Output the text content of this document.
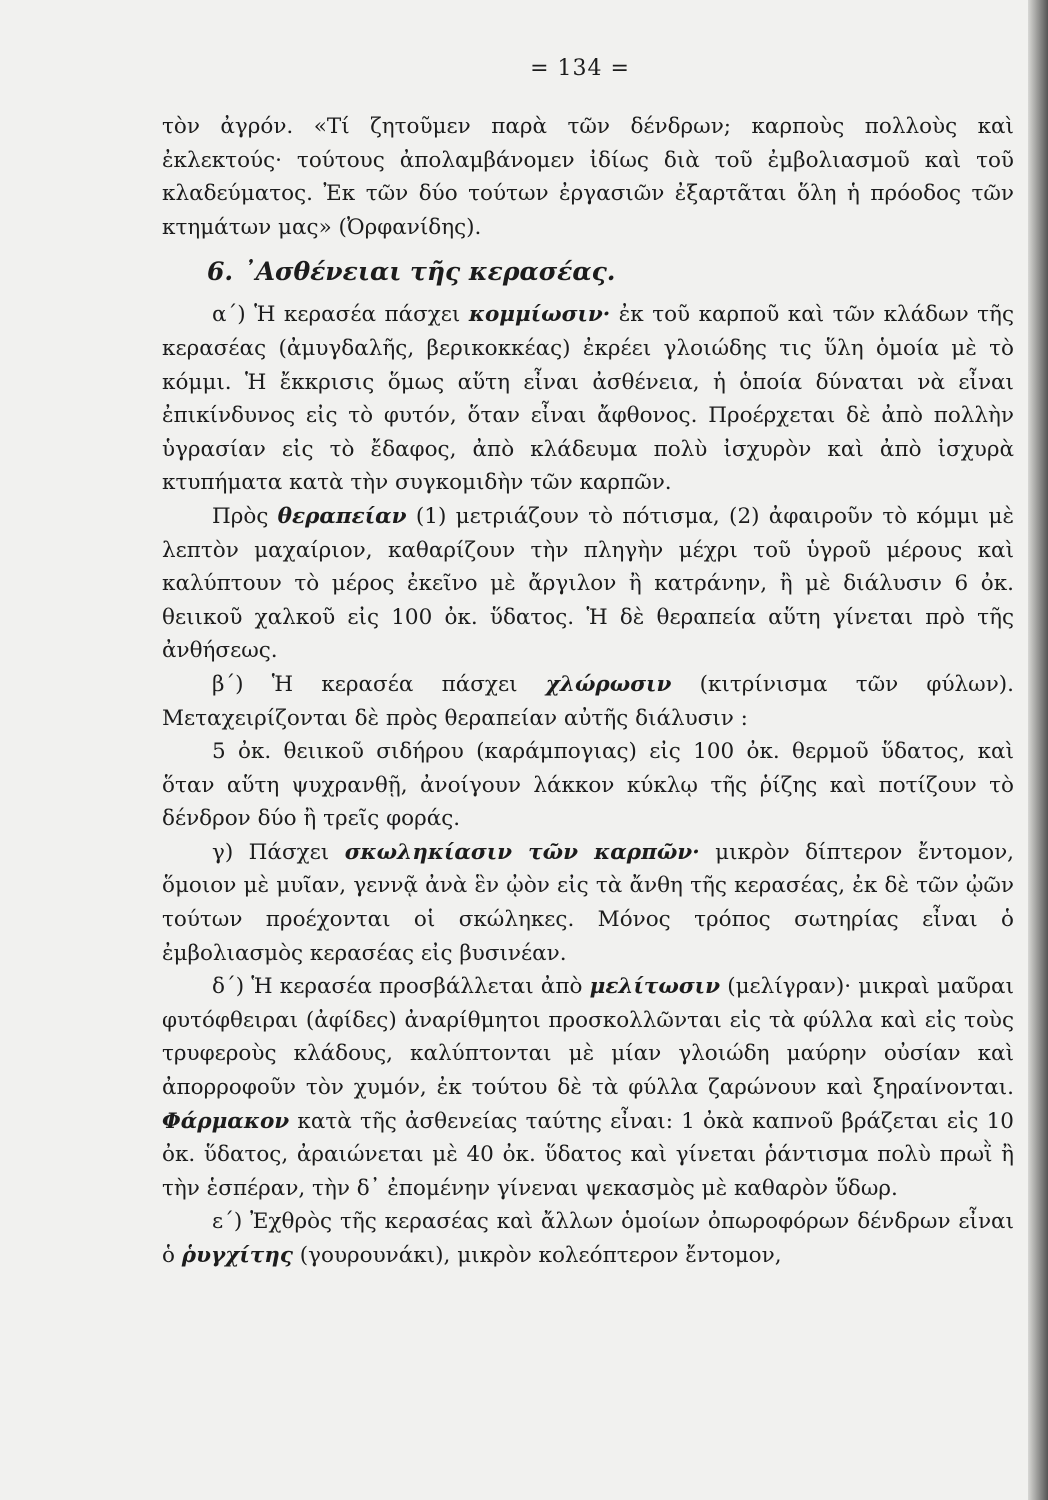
= 134 =

τὸν ἀγρόν. «Τί ζητοῦμεν παρὰ τῶν δένδρων; καρποὺς πολλοὺς καὶ ἐκλεκτούς· τούτους ἀπολαμβάνομεν ἰδίως διὰ τοῦ ἐμβολιασμοῦ καὶ τοῦ κλαδεύματος. Ἐκ τῶν δύο τούτων ἐργασιῶν ἐξαρτᾶται ὅλη ἡ πρόοδος τῶν κτημάτων μας» (Ὀρφανίδης).

6. ᾿Ασθένειαι τῆς κερασέας.

α΄) Ἡ κερασέα πάσχει κομμίωσιν· ἐκ τοῦ καρποῦ καὶ τῶν κλάδων τῆς κερασέας (ἀμυγδαλῆς, βερικοκκέας) ἐκρέει γλοιώδης τις ὕλη ὁμοία μὲ τὸ κόμμι. Ἡ ἔκκρισις ὅμως αὕτη εἶναι ἀσθένεια, ἡ ὁποία δύναται νὰ εἶναι ἐπικίνδυνος εἰς τὸ φυτόν, ὅταν εἶναι ἄφθονος. Προέρχεται δὲ ἀπὸ πολλὴν ὑγρασίαν εἰς τὸ ἔδαφος, ἀπὸ κλάδευμα πολὺ ἰσχυρὸν καὶ ἀπὸ ἰσχυρὰ κτυπήματα κατὰ τὴν συγκομιδὴν τῶν καρπῶν.

Πρὸς θεραπείαν (1) μετριάζουν τὸ πότισμα, (2) ἀφαιροῦν τὸ κόμμι μὲ λεπτὸν μαχαίριον, καθαρίζουν τὴν πληγὴν μέχρι τοῦ ὑγροῦ μέρους καὶ καλύπτουν τὸ μέρος ἐκεῖνο μὲ ἄργιλον ἢ κατράνην, ἢ μὲ διάλυσιν 6 ὀκ. θειικοῦ χαλκοῦ εἰς 100 ὀκ. ὕδατος. Ἡ δὲ θεραπεία αὕτη γίνεται πρὸ τῆς ἀνθήσεως.

β΄) Ἡ κερασέα πάσχει χλώρωσιν (κιτρίνισμα τῶν φύλων). Μεταχειρίζονται δὲ πρὸς θεραπείαν αὐτῆς διάλυσιν :

5 ὀκ. θειικοῦ σιδήρου (καράμπογιας) εἰς 100 ὀκ. θερμοῦ ὕδατος, καὶ ὅταν αὕτη ψυχρανθῇ, ἀνοίγουν λάκκον κύκλῳ τῆς ῥίζης καὶ ποτίζουν τὸ δένδρον δύο ἢ τρεῖς φοράς.

γ) Πάσχει σκωληκίασιν τῶν καρπῶν· μικρὸν δίπτερον ἔντομον, ὅμοιον μὲ μυῖαν, γεννᾷ ἀνὰ ἓν ᾠὸν εἰς τὰ ἄνθη τῆς κερασέας, ἐκ δὲ τῶν ᾠῶν τούτων προέχονται οἱ σκώληκες. Μόνος τρόπος σωτηρίας εἶναι ὁ ἐμβολιασμὸς κερασέας εἰς βυσινέαν.

δ΄) Ἡ κερασέα προσβάλλεται ἀπὸ μελίτωσιν (μελίγραν)· μικραὶ μαῦραι φυτόφθειραι (ἀφίδες) ἀναρίθμητοι προσκολλῶνται εἰς τὰ φύλλα καὶ εἰς τοὺς τρυφεροὺς κλάδους, καλύπτονται μὲ μίαν γλοιώδη μαύρην οὐσίαν καὶ ἀπορροφοῦν τὸν χυμόν, ἐκ τούτου δὲ τὰ φύλλα ζαρώνουν καὶ ξηραίνονται. Φάρμακον κατὰ τῆς ἀσθενείας ταύτης εἶναι: 1 ὀκὰ καπνοῦ βράζεται εἰς 10 ὀκ. ὕδατος, ἀραιώνεται μὲ 40 ὀκ. ὕδατος καὶ γίνεται ῥάντισμα πολὺ πρωῒ ἢ τὴν ἑσπέραν, τὴν δ᾿ ἐπομένην γίνεναι ψεκασμὸς μὲ καθαρὸν ὕδωρ.

ε΄) Ἐχθρὸς τῆς κερασέας καὶ ἄλλων ὁμοίων ὀπωροφόρων δένδρων εἶναι ὁ ῥυγχίτης (γουρουνάκι), μικρὸν κολεόπτερον ἔντομον,
